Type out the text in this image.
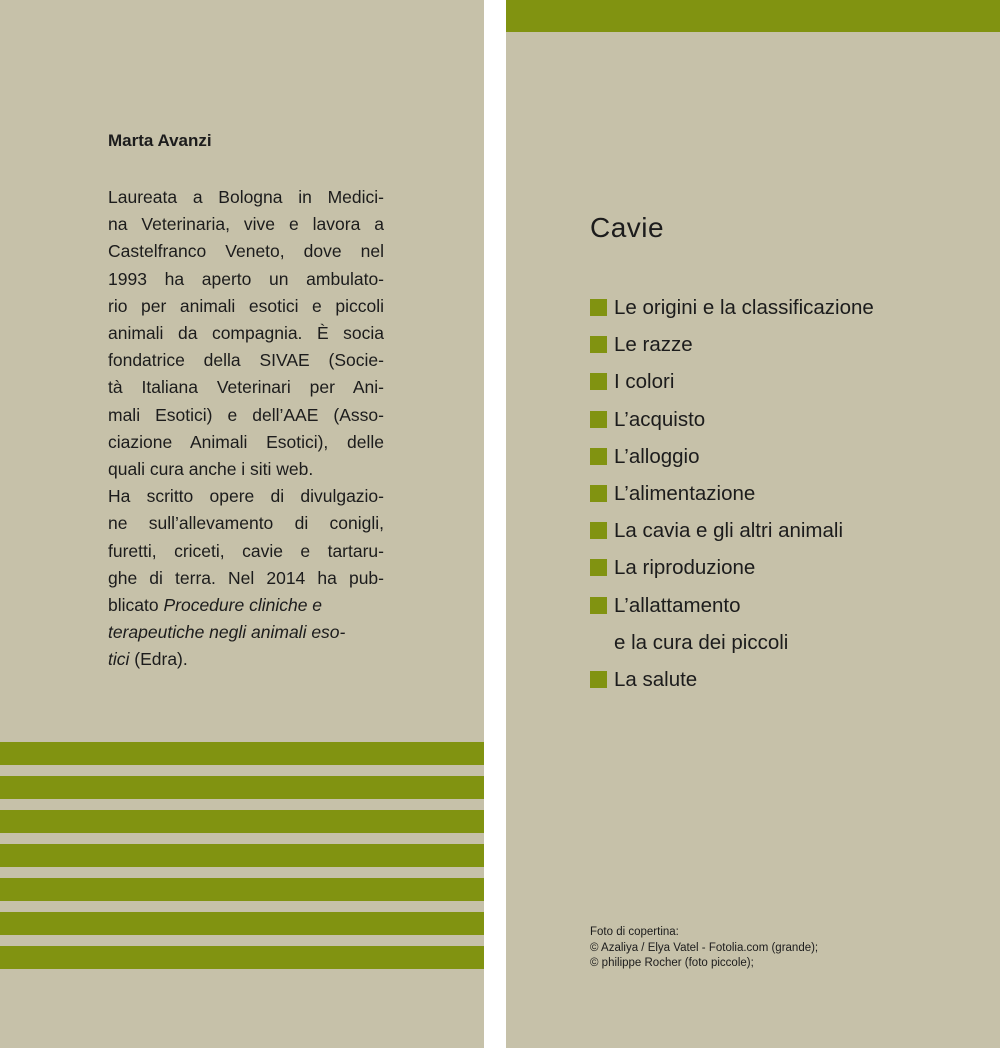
Marta Avanzi
Laureata a Bologna in Medici-
na Veterinaria, vive e lavora a
Castelfranco Veneto, dove nel
1993 ha aperto un ambulato-
rio per animali esotici e piccoli
animali da compagnia. È socia
fondatrice della SIVAE (Socie-
tà Italiana Veterinari per Ani-
mali Esotici) e dell’AAE (Asso-
ciazione Animali Esotici), delle
quali cura anche i siti web.
Ha scritto opere di divulgazio-
ne sull’allevamento di conigli,
furetti, criceti, cavie e tartaru-
ghe di terra. Nel 2014 ha pub-
blicato Procedure cliniche e
terapeutiche negli animali eso-
tici (Edra).
Cavie
Le origini e la classificazione
Le razze
I colori
L’acquisto
L’alloggio
L’alimentazione
La cavia e gli altri animali
La riproduzione
L’allattamento
e la cura dei piccoli
La salute
Foto di copertina:
© Azaliya / Elya Vatel - Fotolia.com (grande);
© philippe Rocher (foto piccole);
